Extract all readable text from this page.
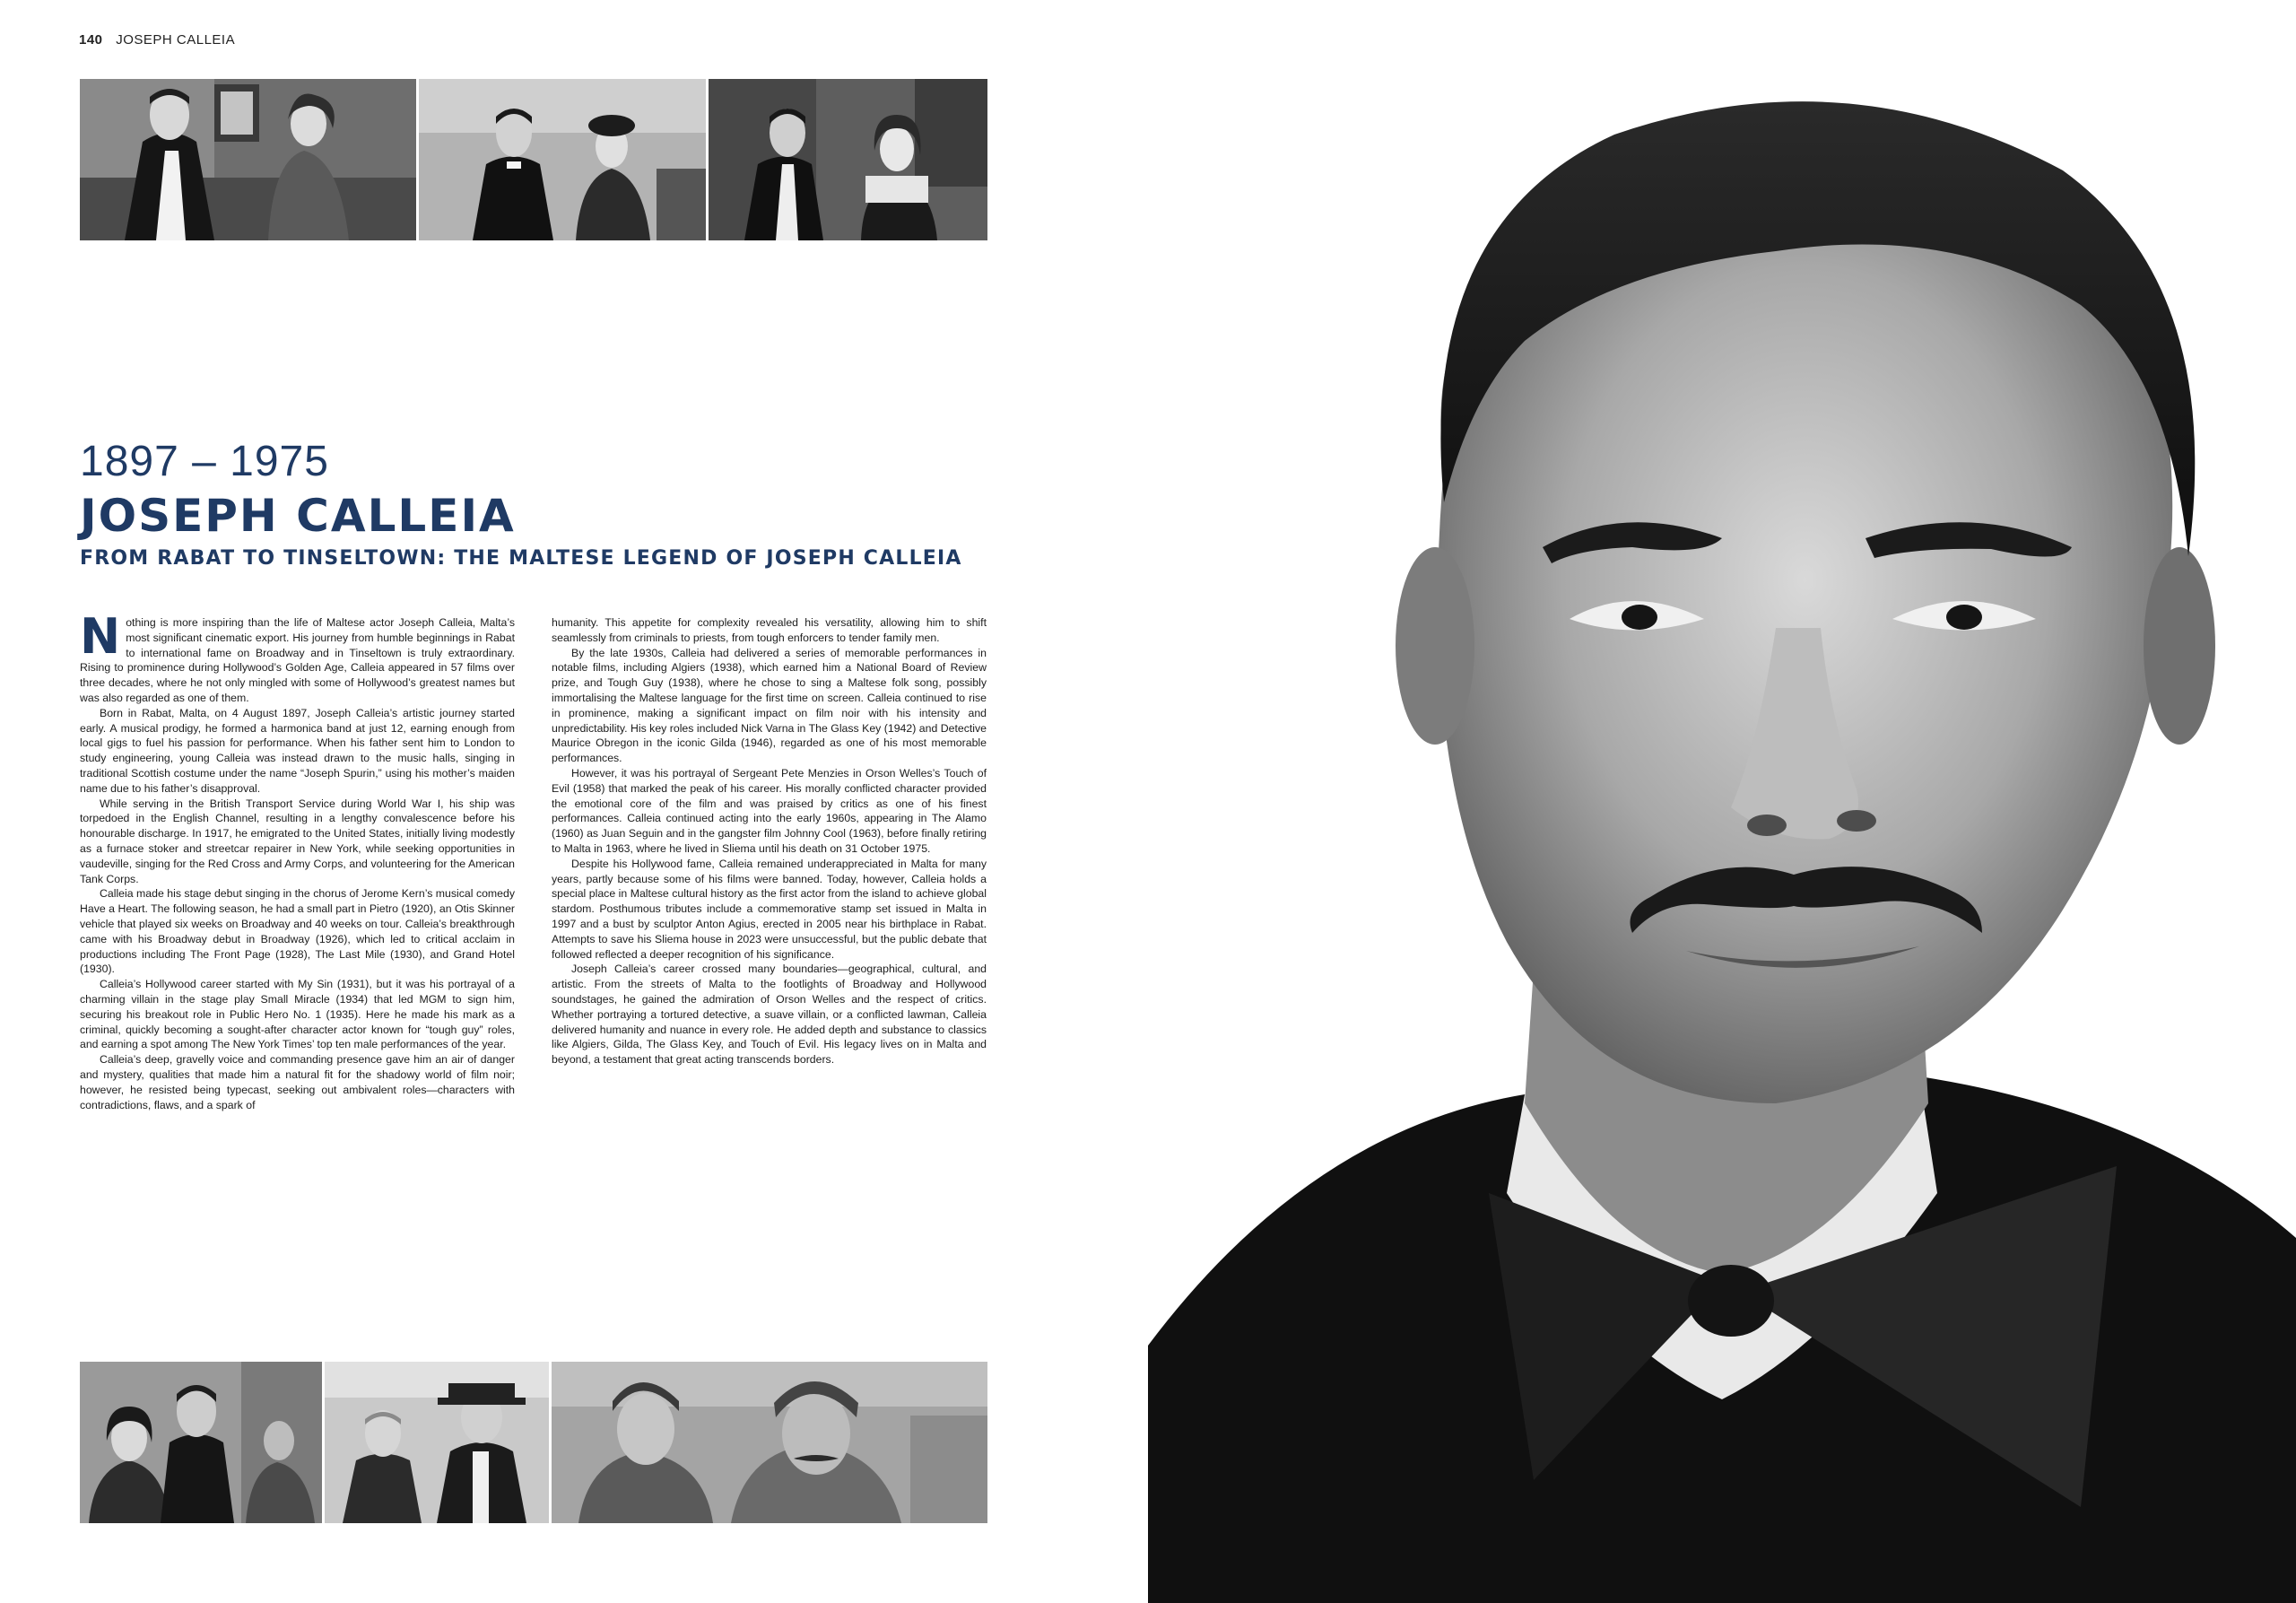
140 JOSEPH CALLEIA
1897 – 1975
JOSEPH CALLEIA
FROM RABAT TO TINSELTOWN: THE MALTESE LEGEND OF JOSEPH CALLEIA

Nothing is more inspiring than the life of Maltese actor Joseph Calleia, Malta’s most significant cinematic export. His journey from humble beginnings in Rabat to international fame on Broadway and in Tinseltown is truly extraordinary. Rising to prominence during Hollywood’s Golden Age, Calleia appeared in 57 films over three decades, where he not only mingled with some of Hollywood’s greatest names but was also regarded as one of them.

Born in Rabat, Malta, on 4 August 1897, Joseph Calleia’s artistic journey started early. A musical prodigy, he formed a harmonica band at just 12, earning enough from local gigs to fuel his passion for performance. When his father sent him to London to study engineering, young Calleia was instead drawn to the music halls, singing in traditional Scottish costume under the name “Joseph Spurin,” using his mother’s maiden name due to his father’s disapproval.

While serving in the British Transport Service during World War I, his ship was torpedoed in the English Channel, resulting in a lengthy convalescence before his honourable discharge. In 1917, he emigrated to the United States, initially living modestly as a furnace stoker and streetcar repairer in New York, while seeking opportunities in vaudeville, singing for the Red Cross and Army Corps, and volunteering for the American Tank Corps.

Calleia made his stage debut singing in the chorus of Jerome Kern’s musical comedy Have a Heart. The following season, he had a small part in Pietro (1920), an Otis Skinner vehicle that played six weeks on Broadway and 40 weeks on tour. Calleia’s breakthrough came with his Broadway debut in Broadway (1926), which led to critical acclaim in productions including The Front Page (1928), The Last Mile (1930), and Grand Hotel (1930).

Calleia’s Hollywood career started with My Sin (1931), but it was his portrayal of a charming villain in the stage play Small Miracle (1934) that led MGM to sign him, securing his breakout role in Public Hero No. 1 (1935). Here he made his mark as a criminal, quickly becoming a sought-after character actor known for “tough guy” roles, and earning a spot among The New York Times’ top ten male performances of the year.

Calleia’s deep, gravelly voice and commanding presence gave him an air of danger and mystery, qualities that made him a natural fit for the shadowy world of film noir; however, he resisted being typecast, seeking out ambivalent roles—characters with contradictions, flaws, and a spark of

humanity. This appetite for complexity revealed his versatility, allowing him to shift seamlessly from criminals to priests, from tough enforcers to tender family men.

By the late 1930s, Calleia had delivered a series of memorable performances in notable films, including Algiers (1938), which earned him a National Board of Review prize, and Tough Guy (1938), where he chose to sing a Maltese folk song, possibly immortalising the Maltese language for the first time on screen. Calleia continued to rise in prominence, making a significant impact on film noir with his intensity and unpredictability. His key roles included Nick Varna in The Glass Key (1942) and Detective Maurice Obregon in the iconic Gilda (1946), regarded as one of his most memorable performances.

However, it was his portrayal of Sergeant Pete Menzies in Orson Welles’s Touch of Evil (1958) that marked the peak of his career. His morally conflicted character provided the emotional core of the film and was praised by critics as one of his finest performances. Calleia continued acting into the early 1960s, appearing in The Alamo (1960) as Juan Seguin and in the gangster film Johnny Cool (1963), before finally retiring to Malta in 1963, where he lived in Sliema until his death on 31 October 1975.

Despite his Hollywood fame, Calleia remained underappreciated in Malta for many years, partly because some of his films were banned. Today, however, Calleia holds a special place in Maltese cultural history as the first actor from the island to achieve global stardom. Posthumous tributes include a commemorative stamp set issued in Malta in 1997 and a bust by sculptor Anton Agius, erected in 2005 near his birthplace in Rabat. Attempts to save his Sliema house in 2023 were unsuccessful, but the public debate that followed reflected a deeper recognition of his significance.

Joseph Calleia’s career crossed many boundaries—geographical, cultural, and artistic. From the streets of Malta to the footlights of Broadway and Hollywood soundstages, he gained the admiration of Orson Welles and the respect of critics. Whether portraying a tortured detective, a suave villain, or a conflicted lawman, Calleia delivered humanity and nuance in every role. He added depth and substance to classics like Algiers, Gilda, The Glass Key, and Touch of Evil. His legacy lives on in Malta and beyond, a testament that great acting transcends borders.
